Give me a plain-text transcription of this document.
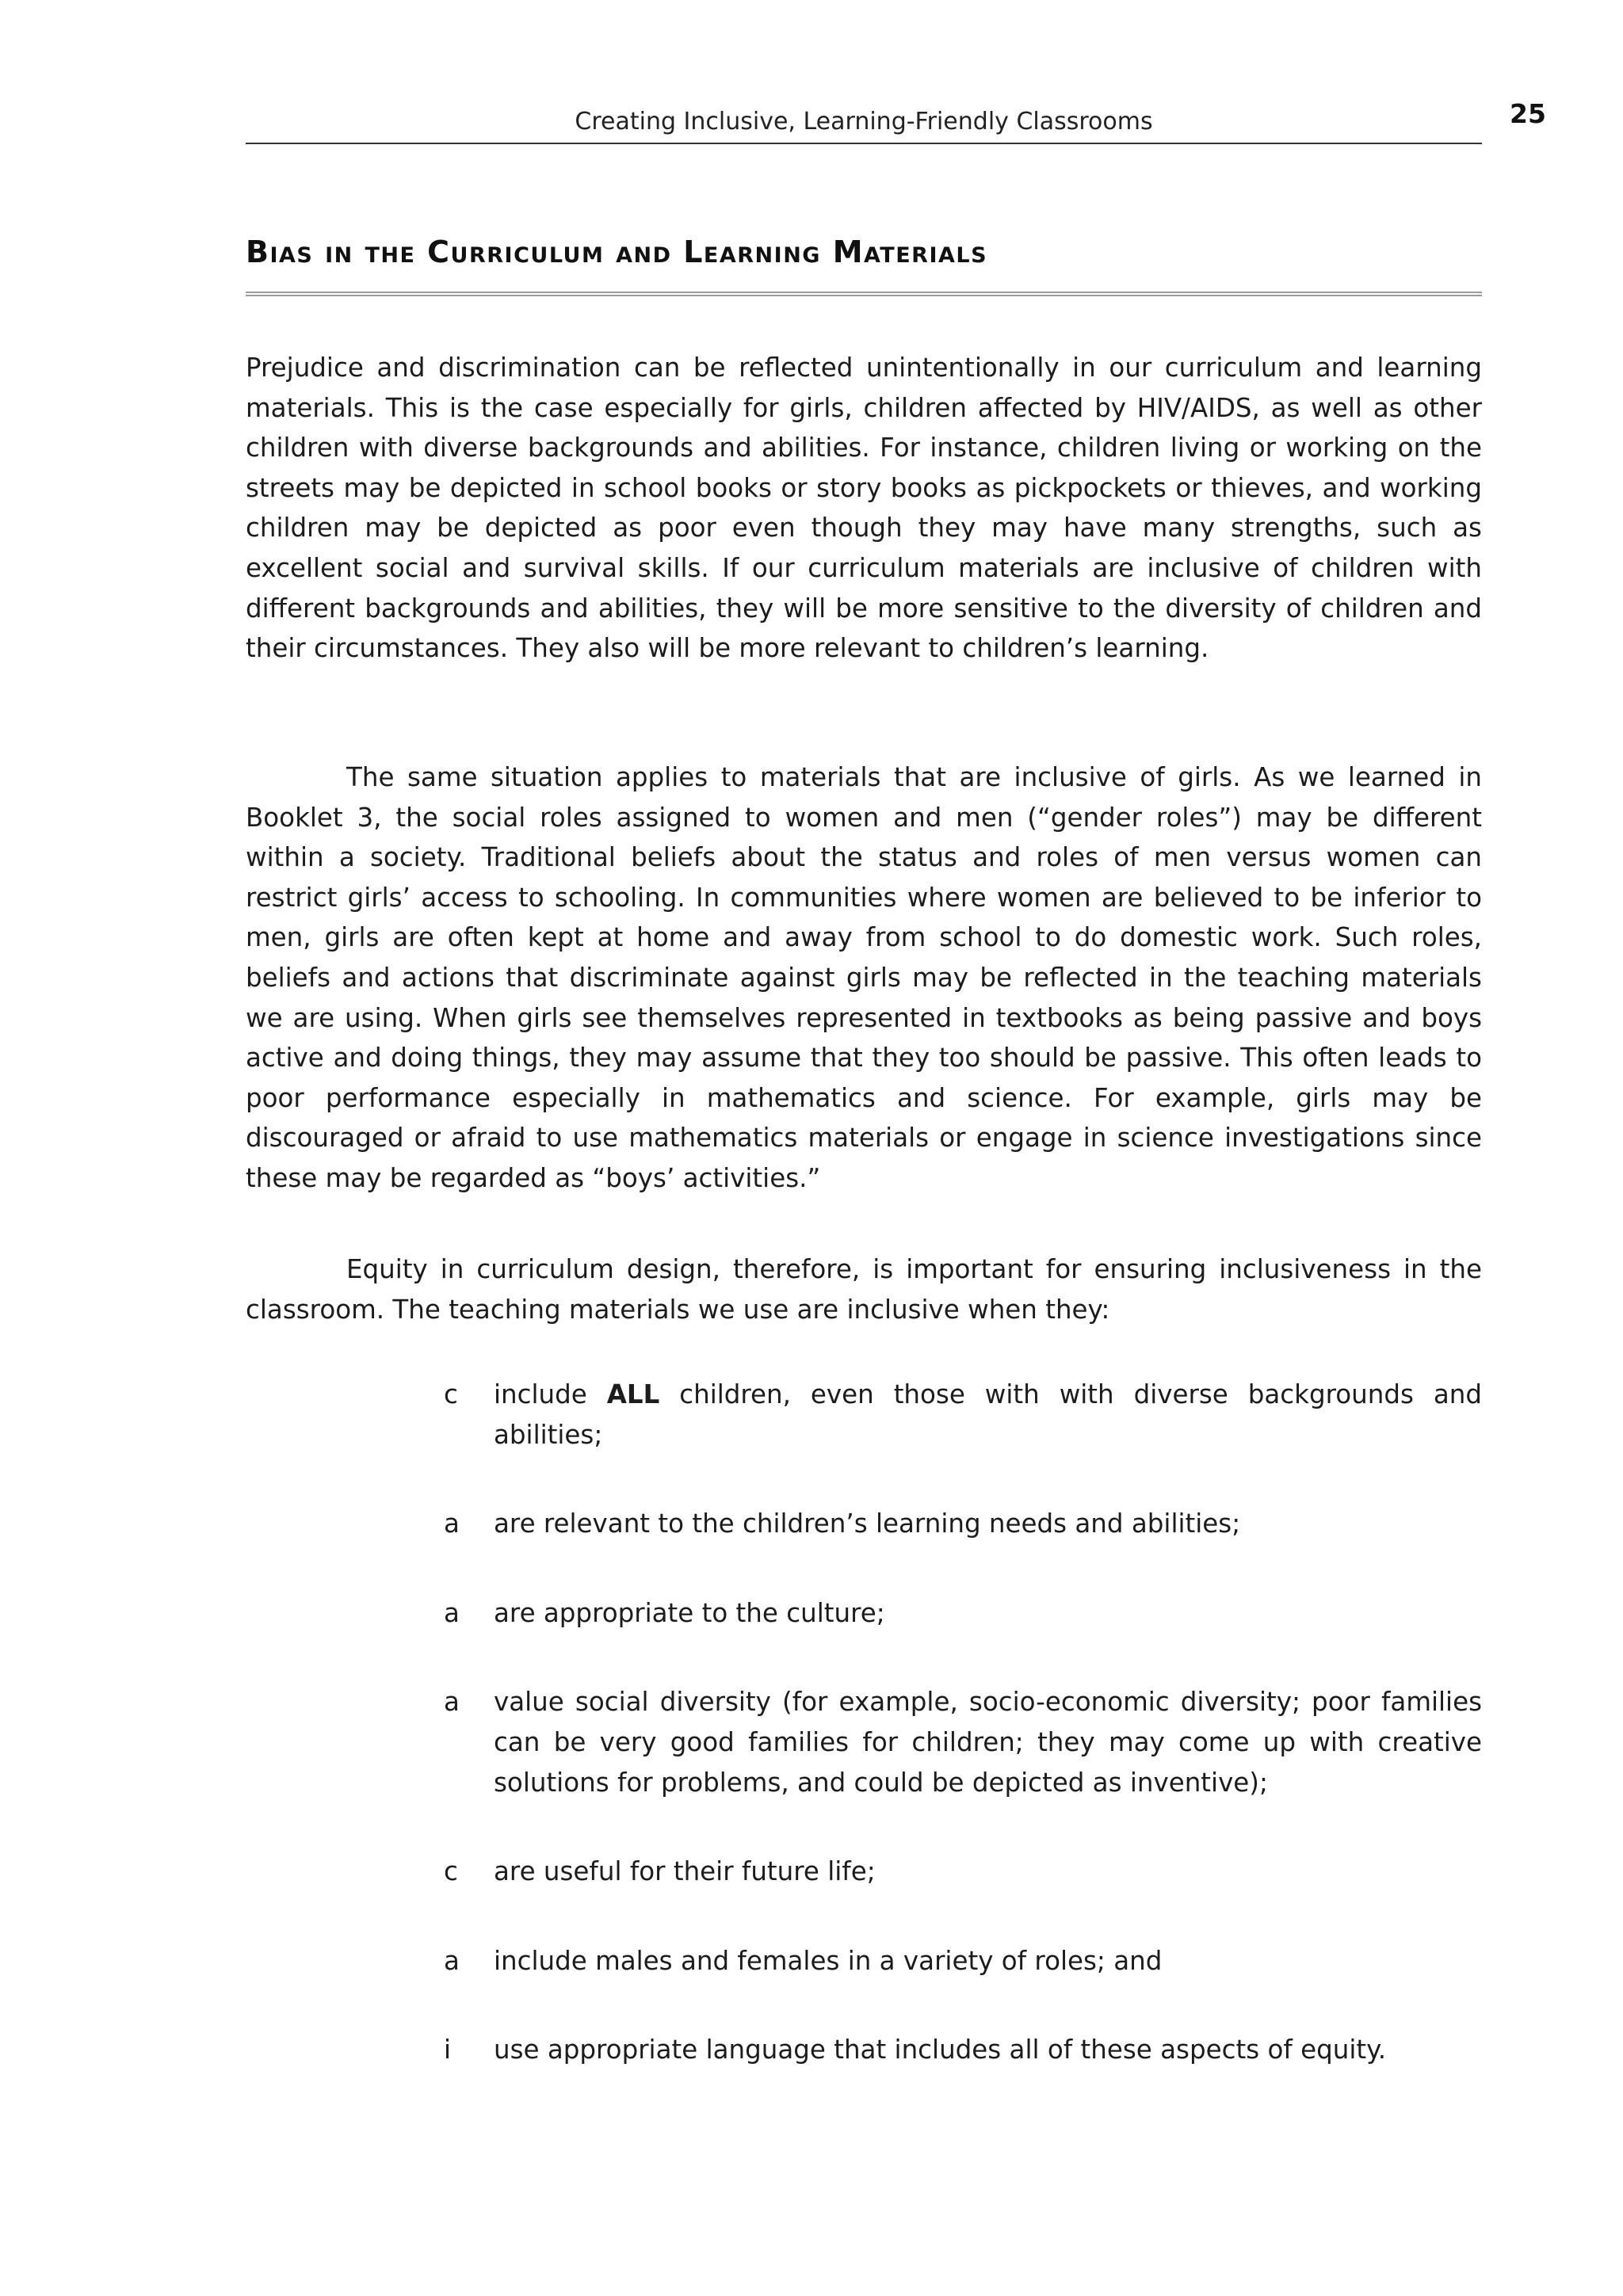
Creating Inclusive, Learning-Friendly Classrooms	25
Bias in the Curriculum and Learning Materials

Prejudice and discrimination can be reflected unintentionally in our curriculum and learning materials. This is the case especially for girls, children affected by HIV/AIDS, as well as other children with diverse backgrounds and abilities. For instance, children living or working on the streets may be depicted in school books or story books as pickpockets or thieves, and working children may be depicted as poor even though they may have many strengths, such as excellent social and survival skills. If our curriculum materials are inclusive of children with different backgrounds and abilities, they will be more sensitive to the diversity of children and their circumstances. They also will be more relevant to children’s learning.

The same situation applies to materials that are inclusive of girls. As we learned in Booklet 3, the social roles assigned to women and men (“gender roles”) may be different within a society. Traditional beliefs about the status and roles of men versus women can restrict girls’ access to schooling. In communities where women are believed to be inferior to men, girls are often kept at home and away from school to do domestic work. Such roles, beliefs and actions that discriminate against girls may be reflected in the teaching materials we are using. When girls see themselves represented in textbooks as being passive and boys active and doing things, they may assume that they too should be passive. This often leads to poor performance especially in mathematics and science. For example, girls may be discouraged or afraid to use mathematics materials or engage in science investigations since these may be regarded as “boys’ activities.”

Equity in curriculum design, therefore, is important for ensuring inclusiveness in the classroom. The teaching materials we use are inclusive when they:

c include ALL children, even those with with diverse backgrounds and abilities;
a are relevant to the children’s learning needs and abilities;
a are appropriate to the culture;
a value social diversity (for example, socio-economic diversity; poor families can be very good families for children; they may come up with creative solutions for problems, and could be depicted as inventive);
c are useful for their future life;
a include males and females in a variety of roles; and
i use appropriate language that includes all of these aspects of equity.
